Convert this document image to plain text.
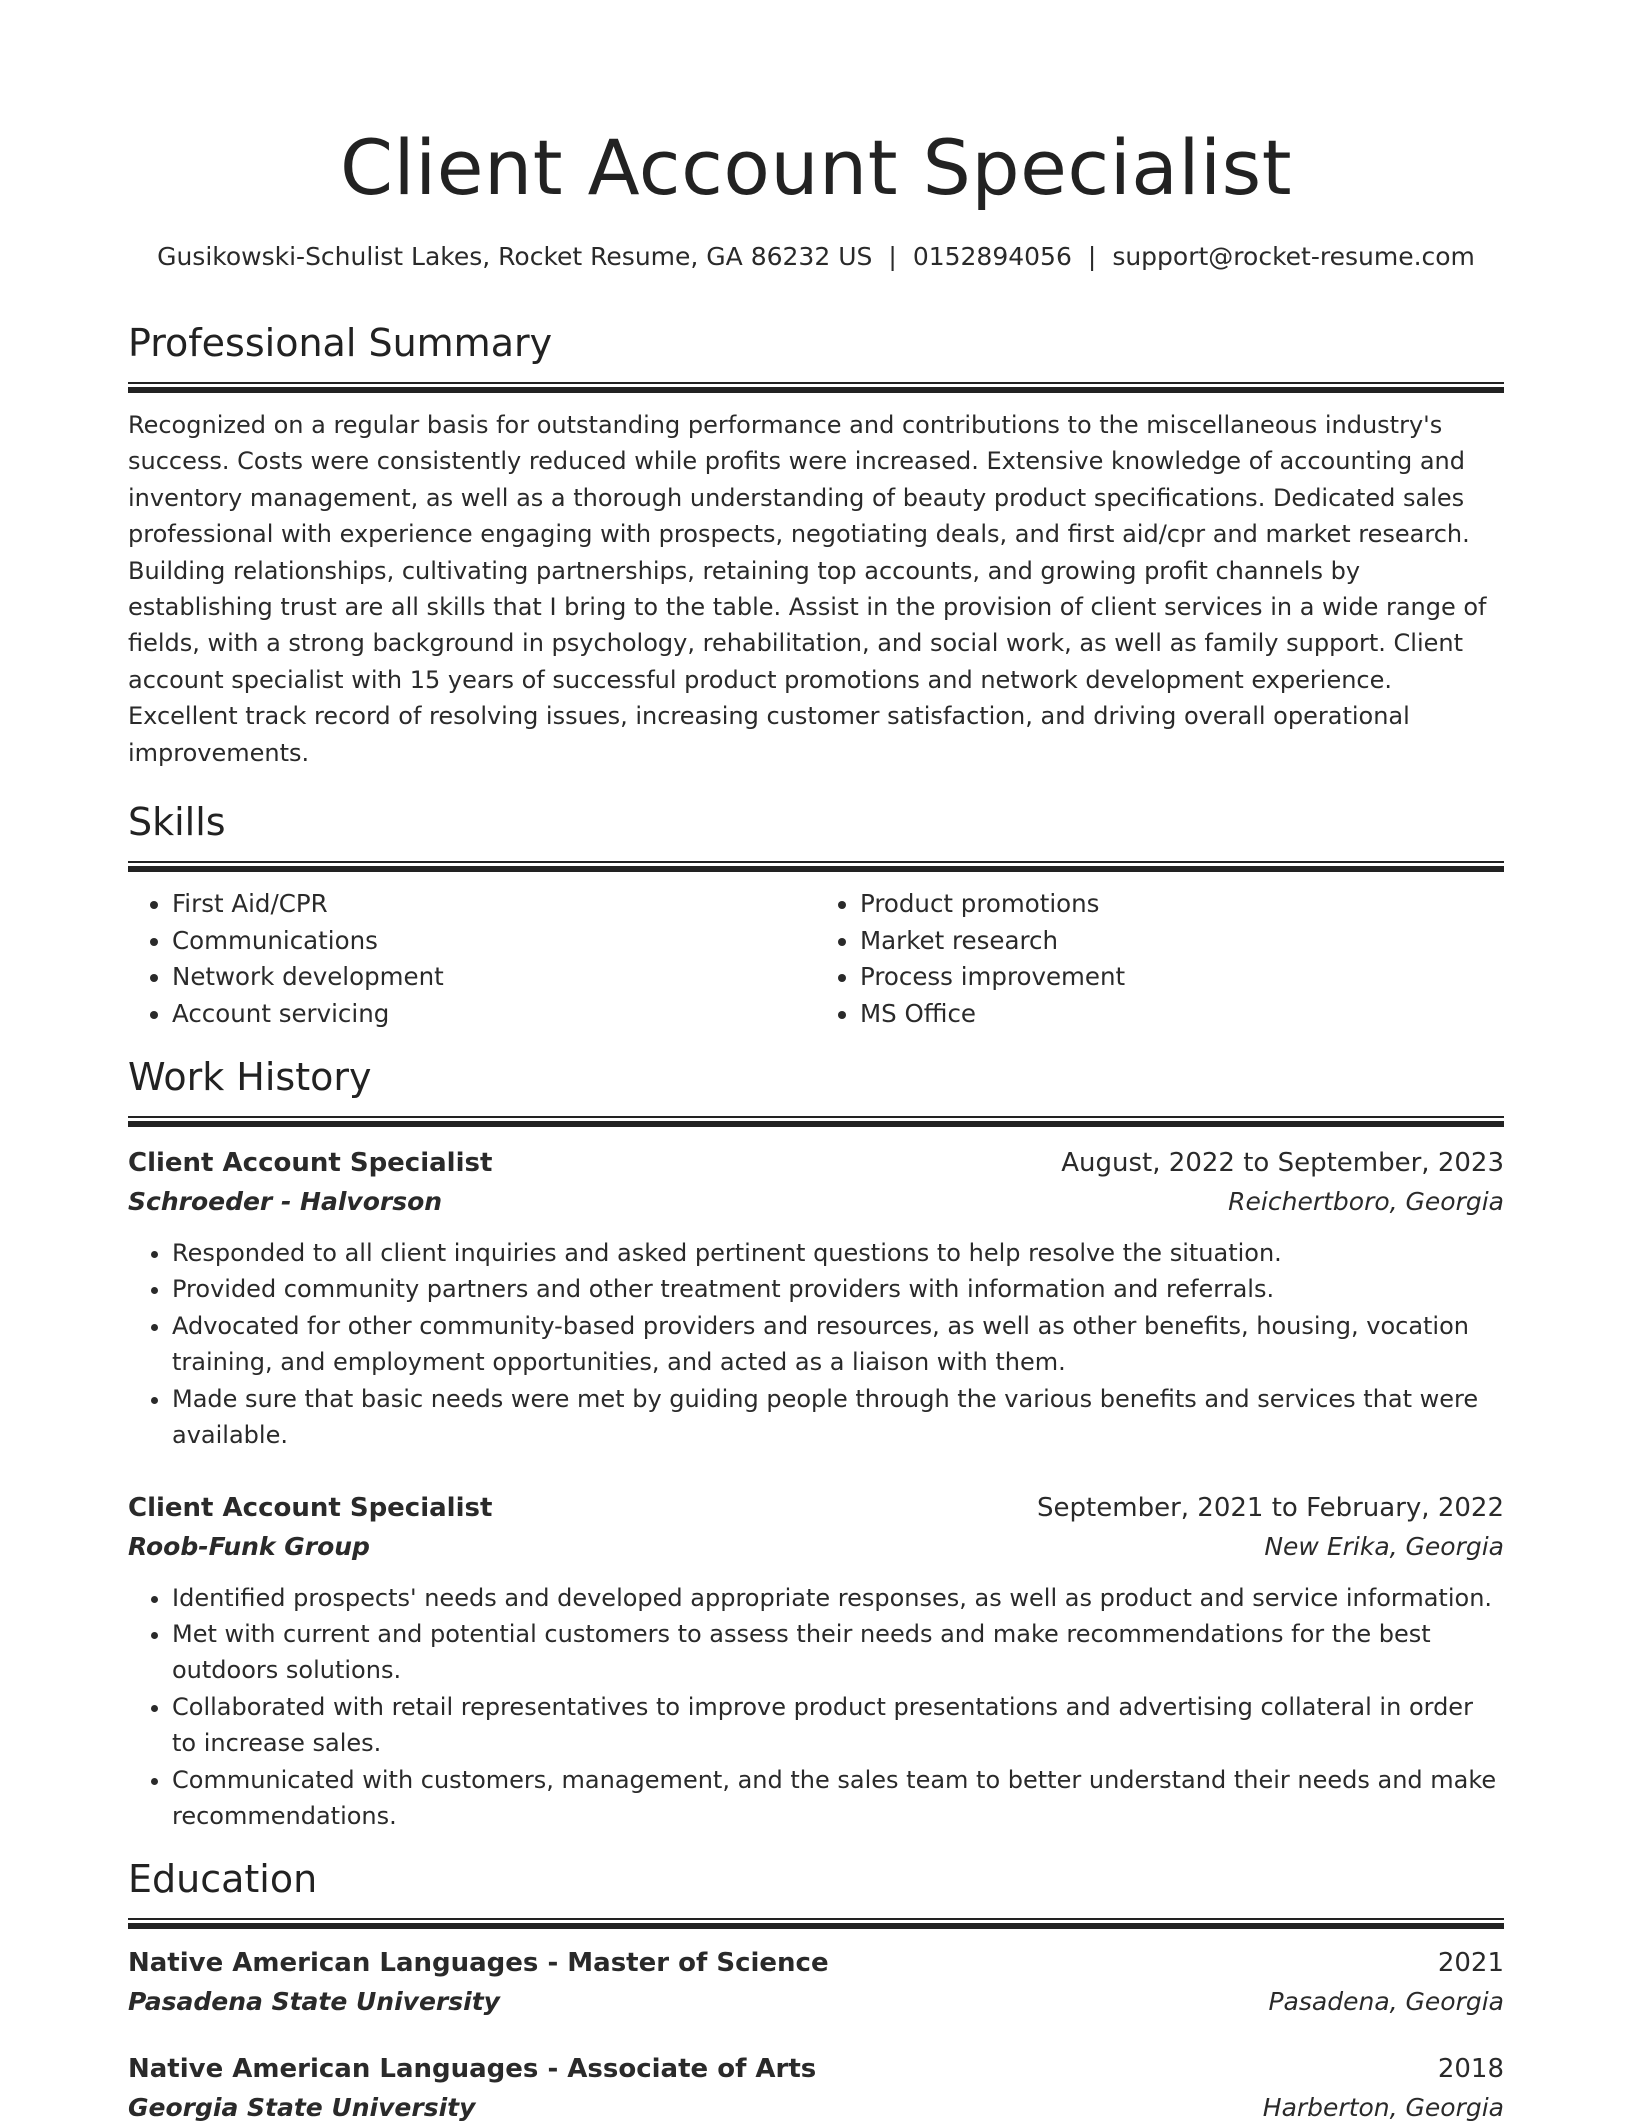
Client Account Specialist
Gusikowski-Schulist Lakes, Rocket Resume, GA 86232 US | 0152894056 | support@rocket-resume.com
Professional Summary

Recognized on a regular basis for outstanding performance and contributions to the miscellaneous industry's success. Costs were consistently reduced while profits were increased. Extensive knowledge of accounting and inventory management, as well as a thorough understanding of beauty product specifications. Dedicated sales professional with experience engaging with prospects, negotiating deals, and first aid/cpr and market research. Building relationships, cultivating partnerships, retaining top accounts, and growing profit channels by establishing trust are all skills that I bring to the table. Assist in the provision of client services in a wide range of fields, with a strong background in psychology, rehabilitation, and social work, as well as family support. Client account specialist with 15 years of successful product promotions and network development experience. Excellent track record of resolving issues, increasing customer satisfaction, and driving overall operational improvements.

Skills
• First Aid/CPR
• Communications
• Network development
• Account servicing
• Product promotions
• Market research
• Process improvement
• MS Office
Work History
Client Account Specialist	August, 2022 to September, 2023
Schroeder - Halvorson	Reichertboro, Georgia
• Responded to all client inquiries and asked pertinent questions to help resolve the situation.
• Provided community partners and other treatment providers with information and referrals.
• Advocated for other community-based providers and resources, as well as other benefits, housing, vocation training, and employment opportunities, and acted as a liaison with them.
• Made sure that basic needs were met by guiding people through the various benefits and services that were available.
Client Account Specialist	September, 2021 to February, 2022
Roob-Funk Group	New Erika, Georgia
• Identified prospects' needs and developed appropriate responses, as well as product and service information.
• Met with current and potential customers to assess their needs and make recommendations for the best outdoors solutions.
• Collaborated with retail representatives to improve product presentations and advertising collateral in order to increase sales.
• Communicated with customers, management, and the sales team to better understand their needs and make recommendations.
Education
Native American Languages - Master of Science	2021
Pasadena State University	Pasadena, Georgia
Native American Languages - Associate of Arts	2018
Georgia State University	Harberton, Georgia
